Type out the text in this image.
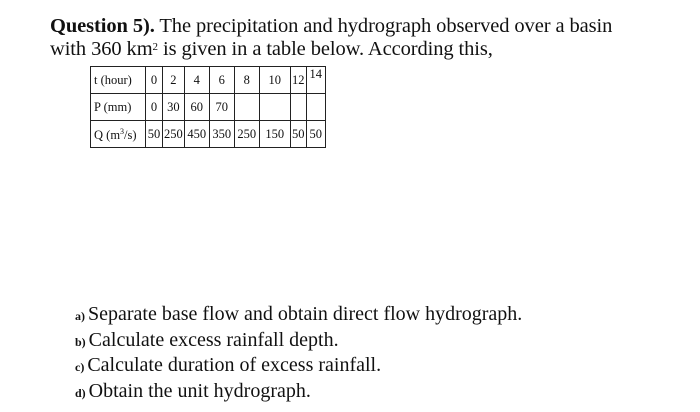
Question 5). The precipitation and hydrograph observed over a basin
with 360 $km^2$ is given in a table below. According this,
t (hour)	0	2	4	6	8	10	12	14
P (mm)	0	30	60	70				
Q $(m^3/s)$	50	250	450	350	250	150	50	50
a) Separate base flow and obtain direct flow hydrograph.
b) Calculate excess rainfall depth.
c) Calculate duration of excess rainfall.
d) Obtain the unit hydrograph.
